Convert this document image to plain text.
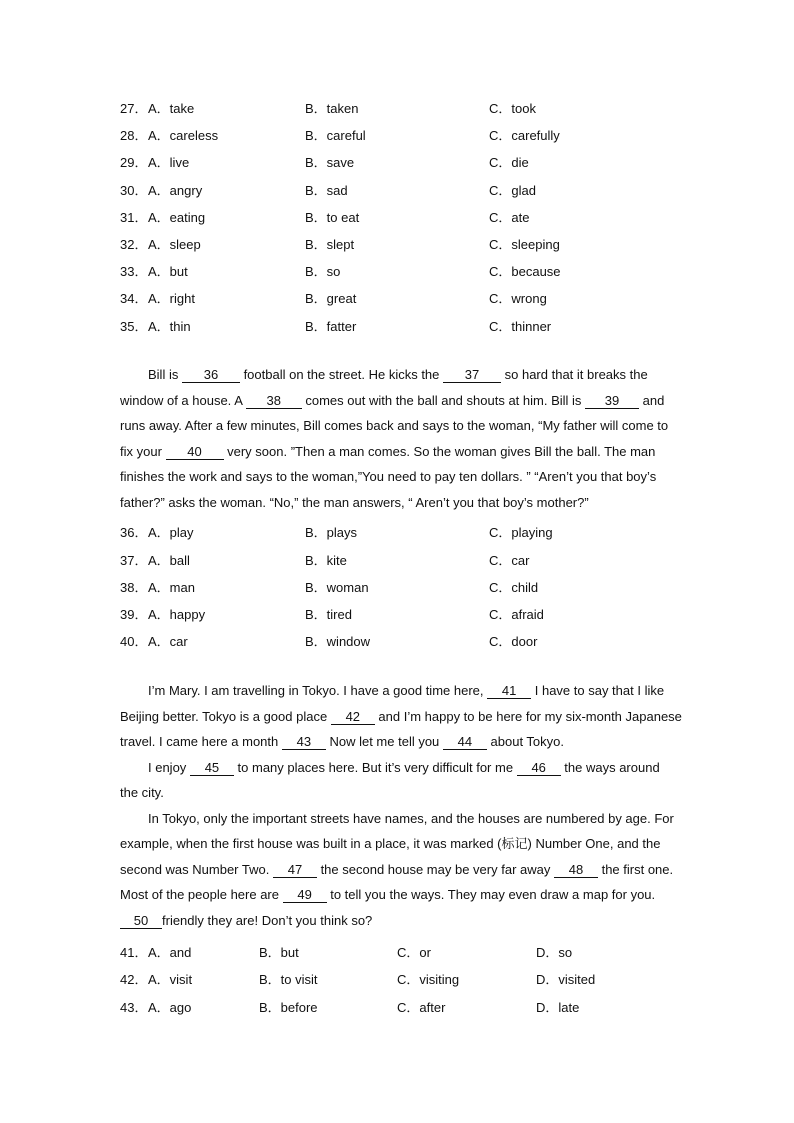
27． A．take	B．taken	C．took
28． A．careless	B．careful	C．carefully
29． A．live	B．save	C．die
30． A．angry	B．sad	C．glad
31． A．eating	B．to eat	C．ate
32． A．sleep	B．slept	C．sleeping
33． A．but	B．so	C．because
34． A．right	B．great	C．wrong
35． A．thin	B．fatter	C．thinner
Bill is 36 football on the street. He kicks the 37 so hard that it breaks the
window of a house. A 38 comes out with the ball and shouts at him. Bill is 39 and
runs away. After a few minutes, Bill comes back and says to the woman, “My father will come to
fix your 40 very soon. ”Then a man comes. So the woman gives Bill the ball. The man
finishes the work and says to the woman,”You need to pay ten dollars. ” “Aren’t you that boy’s
father?” asks the woman. “No,” the man answers, “ Aren’t you that boy’s mother?”
36． A．play	B．plays	C．playing
37． A．ball	B．kite	C．car
38． A．man	B．woman	C．child
39． A．happy	B．tired	C．afraid
40． A．car	B．window	C．door
I’m Mary. I am travelling in Tokyo. I have a good time here, 41 I have to say that I like
Beijing better. Tokyo is a good place 42 and I’m happy to be here for my six-month Japanese
travel. I came here a month 43 Now let me tell you 44 about Tokyo.
I enjoy 45 to many places here. But it’s very difficult for me 46 the ways around
the city.
In Tokyo, only the important streets have names, and the houses are numbered by age. For
example, when the first house was built in a place, it was marked (标记) Number One, and the
second was Number Two. 47 the second house may be very far away 48 the first one.
Most of the people here are 49 to tell you the ways. They may even draw a map for you.
50 friendly they are! Don’t you think so?
41． A．and	B．but	C．or	D．so
42． A．visit	B．to visit	C．visiting	D．visited
43． A．ago	B．before	C．after	D．late
